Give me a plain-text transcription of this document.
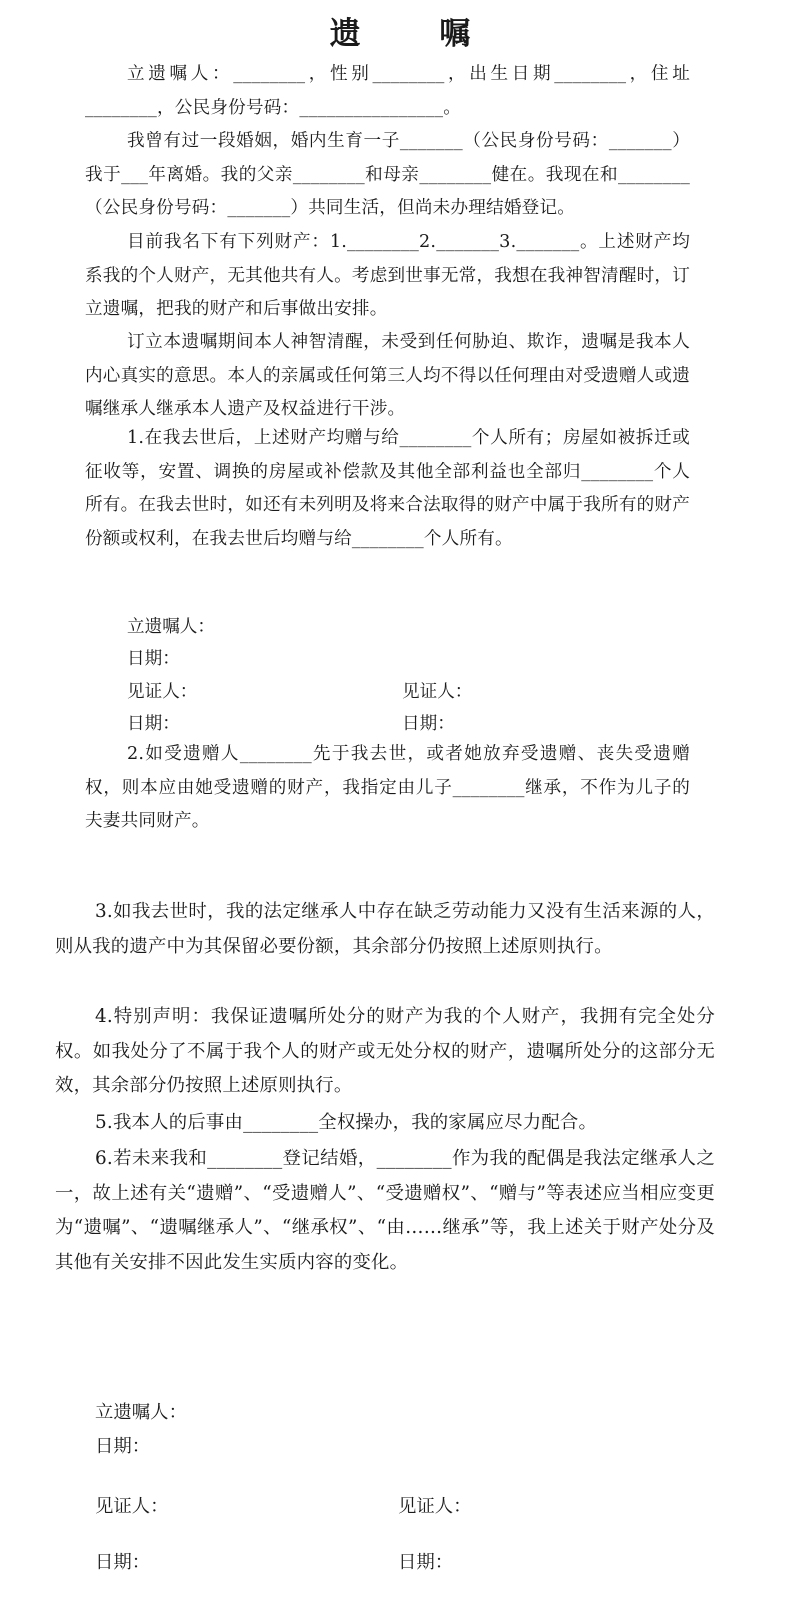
遗 嘱

立遗嘱人：________，性别________，出生日期________，住址________，公民身份号码：________________。

我曾有过一段婚姻，婚内生育一子_______（公民身份号码：_______）我于___年离婚。我的父亲________和母亲________健在。我现在和________（公民身份号码：_______）共同生活，但尚未办理结婚登记。

目前我名下有下列财产：1.________2._______3._______。上述财产均系我的个人财产，无其他共有人。考虑到世事无常，我想在我神智清醒时，订立遗嘱，把我的财产和后事做出安排。

订立本遗嘱期间本人神智清醒，未受到任何胁迫、欺诈，遗嘱是我本人内心真实的意思。本人的亲属或任何第三人均不得以任何理由对受遗赠人或遗嘱继承人继承本人遗产及权益进行干涉。

1.在我去世后，上述财产均赠与给________个人所有；房屋如被拆迁或征收等，安置、调换的房屋或补偿款及其他全部利益也全部归________个人所有。在我去世时，如还有未列明及将来合法取得的财产中属于我所有的财产份额或权利，在我去世后均赠与给________个人所有。

立遗嘱人：

日期：

见证人：	见证人：

日期：	日期：

2.如受遗赠人________先于我去世，或者她放弃受遗赠、丧失受遗赠权，则本应由她受遗赠的财产，我指定由儿子________继承，不作为儿子的夫妻共同财产。

3.如我去世时，我的法定继承人中存在缺乏劳动能力又没有生活来源的人，则从我的遗产中为其保留必要份额，其余部分仍按照上述原则执行。

4.特别声明：我保证遗嘱所处分的财产为我的个人财产，我拥有完全处分权。如我处分了不属于我个人的财产或无处分权的财产，遗嘱所处分的这部分无效，其余部分仍按照上述原则执行。

5.我本人的后事由________全权操办，我的家属应尽力配合。

6.若未来我和________登记结婚，________作为我的配偶是我法定继承人之一，故上述有关“遗赠”、“受遗赠人”、“受遗赠权”、“赠与”等表述应当相应变更为“遗嘱”、“遗嘱继承人”、“继承权”、“由……继承”等，我上述关于财产处分及其他有关安排不因此发生实质内容的变化。

立遗嘱人：

日期：

见证人：	见证人：

日期：	日期：
